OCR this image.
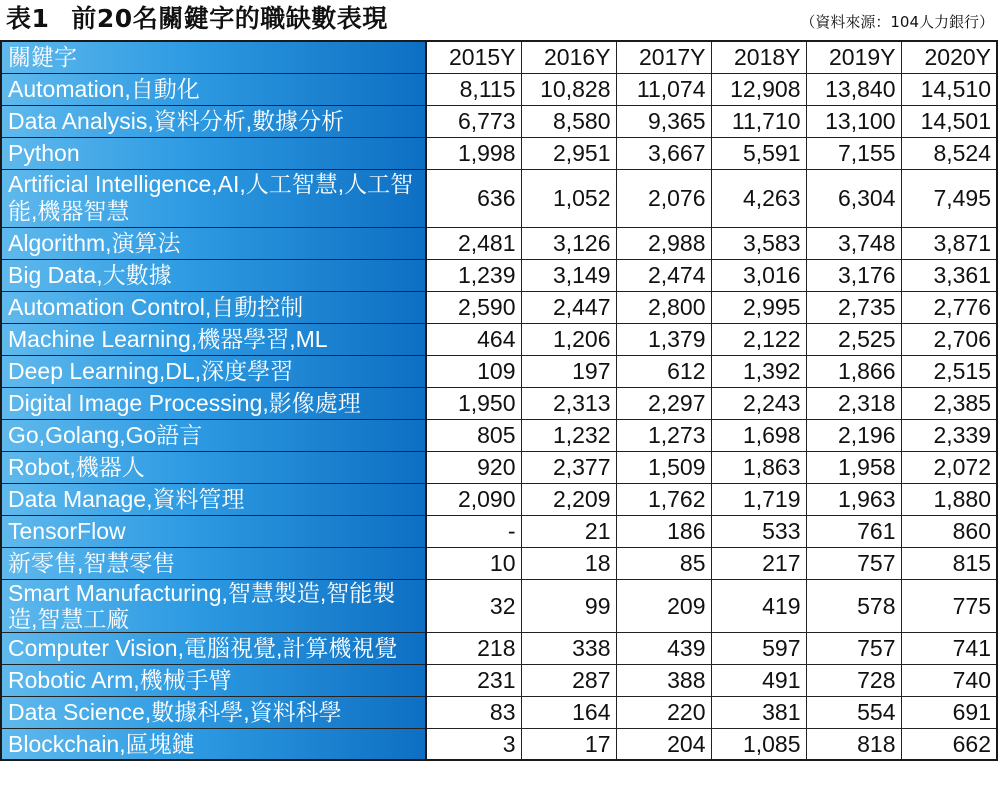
表1 前20名關鍵字的職缺數表現	（資料來源：104人力銀行）
關鍵字	2015Y	2016Y	2017Y	2018Y	2019Y	2020Y
Automation,自動化	8,115	10,828	11,074	12,908	13,840	14,510
Data Analysis,資料分析,數據分析	6,773	8,580	9,365	11,710	13,100	14,501
Python	1,998	2,951	3,667	5,591	7,155	8,524
Artificial Intelligence,AI,人工智慧,人工智能,機器智慧	636	1,052	2,076	4,263	6,304	7,495
Algorithm,演算法	2,481	3,126	2,988	3,583	3,748	3,871
Big Data,大數據	1,239	3,149	2,474	3,016	3,176	3,361
Automation Control,自動控制	2,590	2,447	2,800	2,995	2,735	2,776
Machine Learning,機器學習,ML	464	1,206	1,379	2,122	2,525	2,706
Deep Learning,DL,深度學習	109	197	612	1,392	1,866	2,515
Digital Image Processing,影像處理	1,950	2,313	2,297	2,243	2,318	2,385
Go,Golang,Go語言	805	1,232	1,273	1,698	2,196	2,339
Robot,機器人	920	2,377	1,509	1,863	1,958	2,072
Data Manage,資料管理	2,090	2,209	1,762	1,719	1,963	1,880
TensorFlow	-	21	186	533	761	860
新零售,智慧零售	10	18	85	217	757	815
Smart Manufacturing,智慧製造,智能製造,智慧工廠	32	99	209	419	578	775
Computer Vision,電腦視覺,計算機視覺	218	338	439	597	757	741
Robotic Arm,機械手臂	231	287	388	491	728	740
Data Science,數據科學,資料科學	83	164	220	381	554	691
Blockchain,區塊鏈	3	17	204	1,085	818	662
